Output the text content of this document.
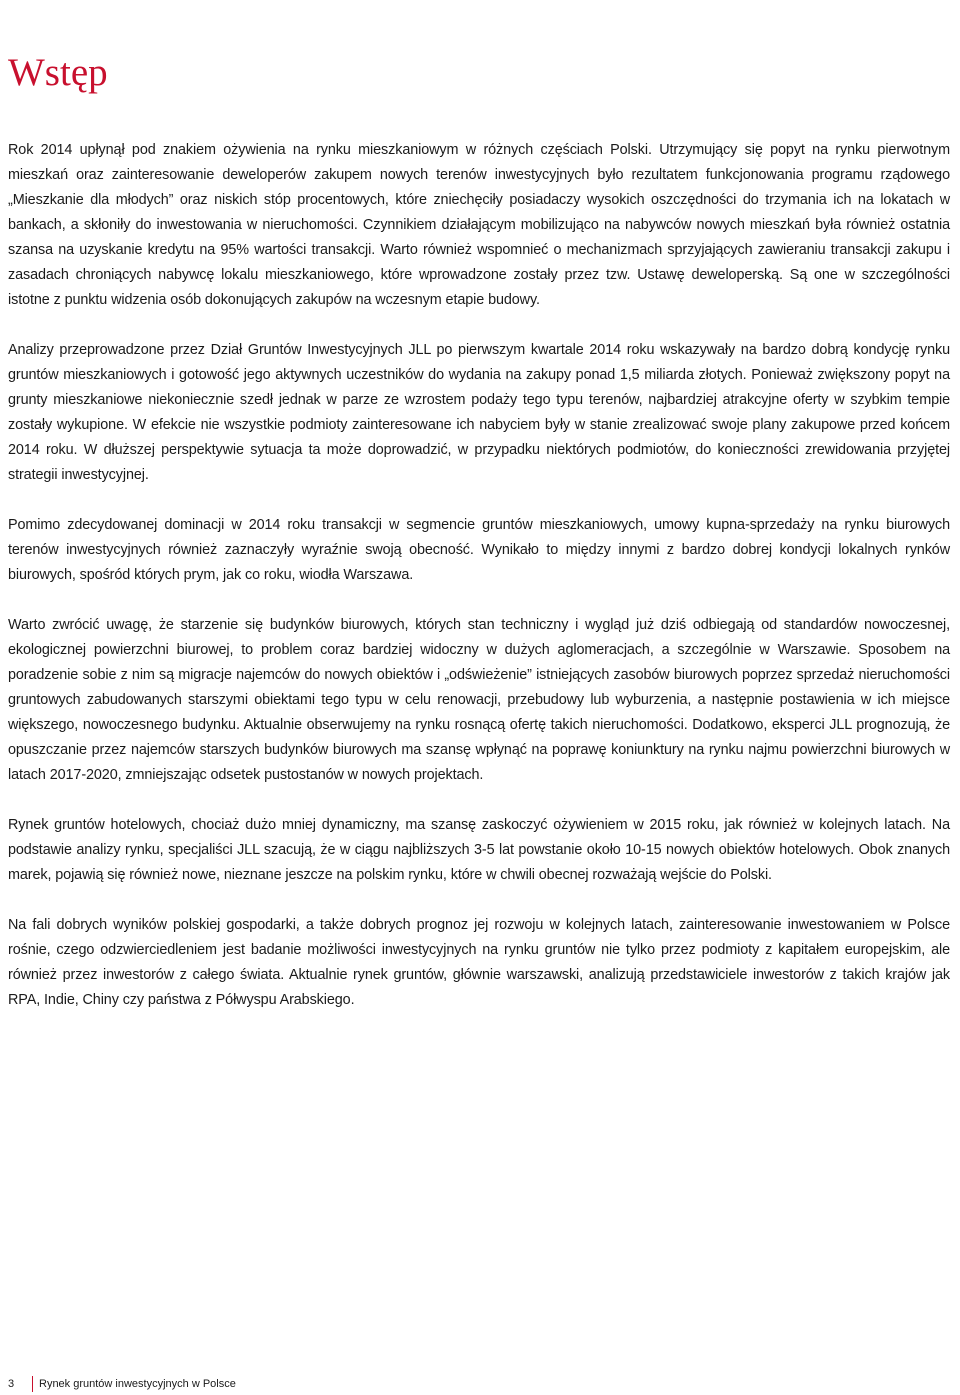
Wstęp

Rok 2014 upłynął pod znakiem ożywienia na rynku mieszkaniowym w różnych częściach Polski. Utrzymujący się popyt na rynku pierwotnym mieszkań oraz zainteresowanie deweloperów zakupem nowych terenów inwestycyjnych było rezultatem funkcjonowania programu rządowego „Mieszkanie dla młodych” oraz niskich stóp procentowych, które zniechęciły posiadaczy wysokich oszczędności do trzymania ich na lokatach w bankach, a skłoniły do inwestowania w nieruchomości. Czynnikiem działającym mobilizująco na nabywców nowych mieszkań była również ostatnia szansa na uzyskanie kredytu na 95% wartości transakcji. Warto również wspomnieć o mechanizmach sprzyjających zawieraniu transakcji zakupu i zasadach chroniących nabywcę lokalu mieszkaniowego, które wprowadzone zostały przez tzw. Ustawę deweloperską. Są one w szczególności istotne z punktu widzenia osób dokonujących zakupów na wczesnym etapie budowy.

Analizy przeprowadzone przez Dział Gruntów Inwestycyjnych JLL po pierwszym kwartale 2014 roku wskazywały na bardzo dobrą kondycję rynku gruntów mieszkaniowych i gotowość jego aktywnych uczestników do wydania na zakupy ponad 1,5 miliarda złotych. Ponieważ zwiększony popyt na grunty mieszkaniowe niekoniecznie szedł jednak w parze ze wzrostem podaży tego typu terenów, najbardziej atrakcyjne oferty w szybkim tempie zostały wykupione. W efekcie nie wszystkie podmioty zainteresowane ich nabyciem były w stanie zrealizować swoje plany zakupowe przed końcem 2014 roku. W dłuższej perspektywie sytuacja ta może doprowadzić, w przypadku niektórych podmiotów, do konieczności zrewidowania przyjętej strategii inwestycyjnej.

Pomimo zdecydowanej dominacji w 2014 roku transakcji w segmencie gruntów mieszkaniowych, umowy kupna-sprzedaży na rynku biurowych terenów inwestycyjnych również zaznaczyły wyraźnie swoją obecność. Wynikało to między innymi z bardzo dobrej kondycji lokalnych rynków biurowych, spośród których prym, jak co roku, wiodła Warszawa.

Warto zwrócić uwagę, że starzenie się budynków biurowych, których stan techniczny i wygląd już dziś odbiegają od standardów nowoczesnej, ekologicznej powierzchni biurowej, to problem coraz bardziej widoczny w dużych aglomeracjach, a szczególnie w Warszawie. Sposobem na poradzenie sobie z nim są migracje najemców do nowych obiektów i „odświeżenie” istniejących zasobów biurowych poprzez sprzedaż nieruchomości gruntowych zabudowanych starszymi obiektami tego typu w celu renowacji, przebudowy lub wyburzenia, a następnie postawienia w ich miejsce większego, nowoczesnego budynku. Aktualnie obserwujemy na rynku rosnącą ofertę takich nieruchomości. Dodatkowo, eksperci JLL prognozują, że opuszczanie przez najemców starszych budynków biurowych ma szansę wpłynąć na poprawę koniunktury na rynku najmu powierzchni biurowych w latach 2017-2020, zmniejszając odsetek pustostanów w nowych projektach.

Rynek gruntów hotelowych, chociaż dużo mniej dynamiczny, ma szansę zaskoczyć ożywieniem w 2015 roku, jak również w kolejnych latach. Na podstawie analizy rynku, specjaliści JLL szacują, że w ciągu najbliższych 3-5 lat powstanie około 10-15 nowych obiektów hotelowych. Obok znanych marek, pojawią się również nowe, nieznane jeszcze na polskim rynku, które w chwili obecnej rozważają wejście do Polski.

Na fali dobrych wyników polskiej gospodarki, a także dobrych prognoz jej rozwoju w kolejnych latach, zainteresowanie inwestowaniem w Polsce rośnie, czego odzwierciedleniem jest badanie możliwości inwestycyjnych na rynku gruntów nie tylko przez podmioty z kapitałem europejskim, ale również przez inwestorów z całego świata. Aktualnie rynek gruntów, głównie warszawski, analizują przedstawiciele inwestorów z takich krajów jak RPA, Indie, Chiny czy państwa z Półwyspu Arabskiego.

3	Rynek gruntów inwestycyjnych w Polsce
